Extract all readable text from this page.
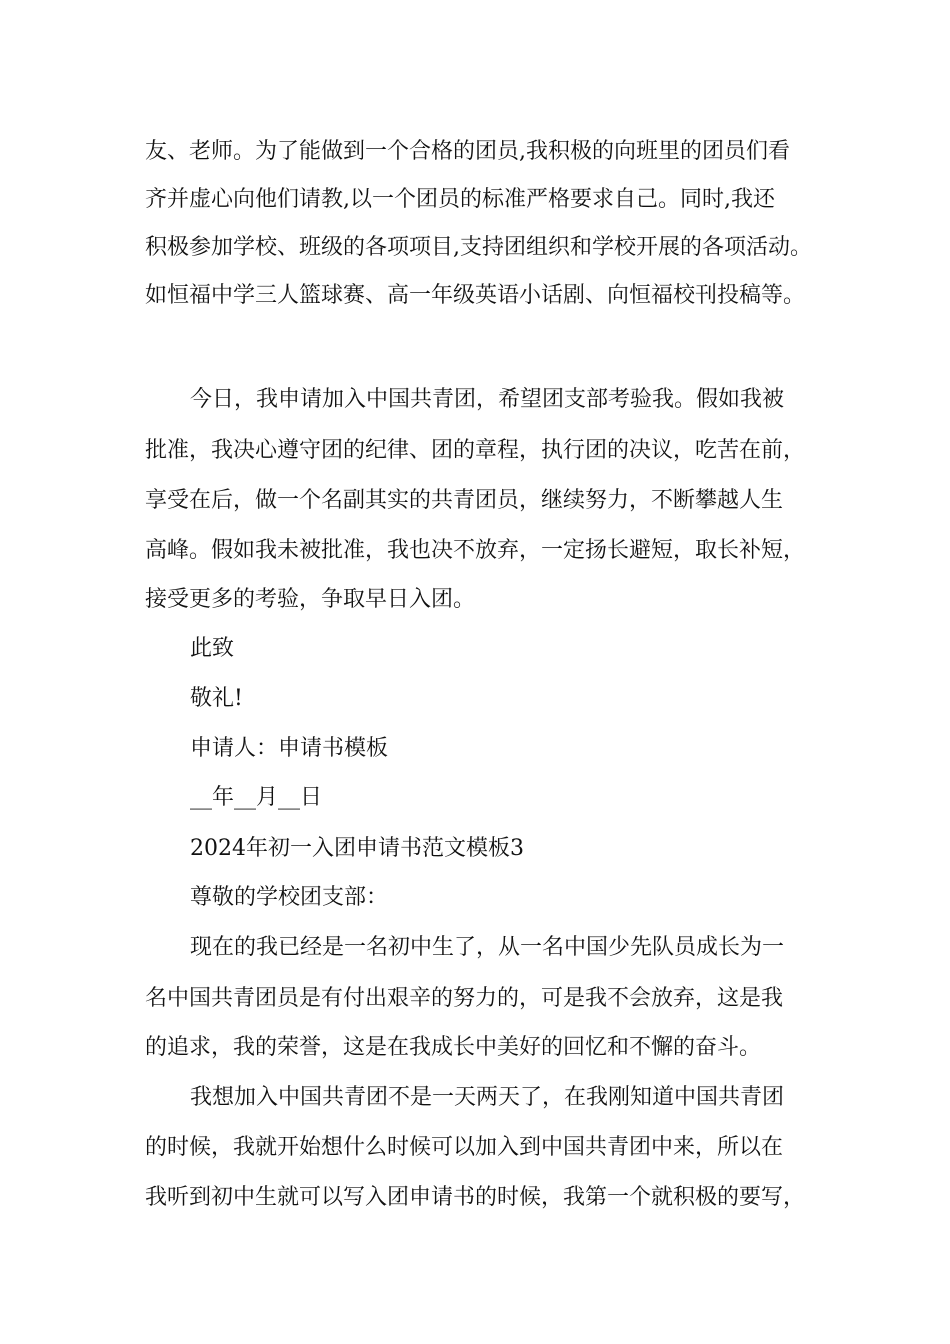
友、老师。为了能做到一个合格的团员,我积极的向班里的团员们看
齐并虚心向他们请教,以一个团员的标准严格要求自己。同时,我还
积极参加学校、班级的各项项目,支持团组织和学校开展的各项活动。
如恒福中学三人篮球赛、高一年级英语小话剧、向恒福校刊投稿等。
今日，我申请加入中国共青团，希望团支部考验我。假如我被
批准，我决心遵守团的纪律、团的章程，执行团的决议，吃苦在前，
享受在后，做一个名副其实的共青团员，继续努力，不断攀越人生
高峰。假如我未被批准，我也决不放弃，一定扬长避短，取长补短，
接受更多的考验，争取早日入团。
此致
敬礼!
申请人：申请书模板
__年__月__日
2024年初一入团申请书范文模板3
尊敬的学校团支部：
现在的我已经是一名初中生了，从一名中国少先队员成长为一
名中国共青团员是有付出艰辛的努力的，可是我不会放弃，这是我
的追求，我的荣誉，这是在我成长中美好的回忆和不懈的奋斗。
我想加入中国共青团不是一天两天了，在我刚知道中国共青团
的时候，我就开始想什么时候可以加入到中国共青团中来，所以在
我听到初中生就可以写入团申请书的时候，我第一个就积极的要写，
